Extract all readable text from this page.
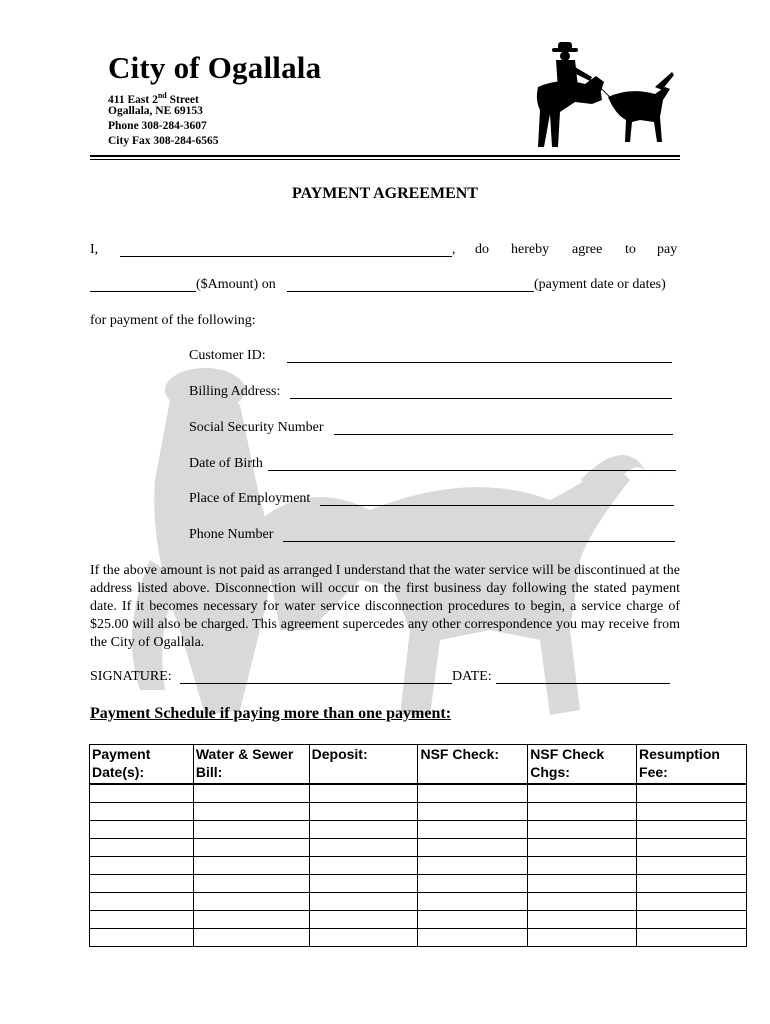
City of Ogallala
411 East 2nd Street
Ogallala, NE 69153
Phone 308-284-3607
City Fax 308-284-6565
PAYMENT AGREEMENT
I,	, do hereby agree to pay
($Amount) on	(payment date or dates)
for payment of the following:
Customer ID:
Billing Address:
Social Security Number
Date of Birth
Place of Employment
Phone Number
If the above amount is not paid as arranged I understand that the water service will be discontinued at the address listed above. Disconnection will occur on the first business day following the stated payment date. If it becomes necessary for water service disconnection procedures to begin, a service charge of $25.00 will also be charged. This agreement supercedes any other correspondence you may receive from the City of Ogallala.
SIGNATURE:	DATE:
Payment Schedule if paying more than one payment:
Payment Date(s):	Water & Sewer Bill:	Deposit:	NSF Check:	NSF Check Chgs:	Resumption Fee:
